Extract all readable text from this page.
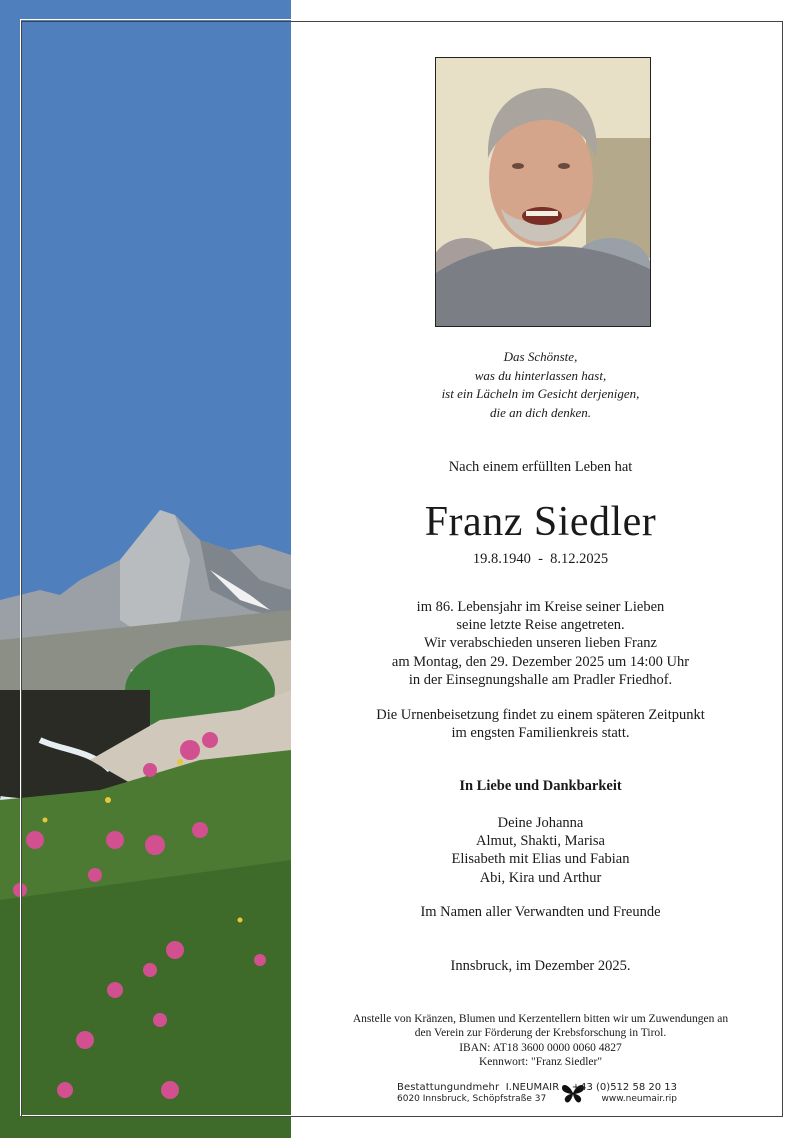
Das Schönste,
was du hinterlassen hast,
ist ein Lächeln im Gesicht derjenigen,
die an dich denken.
Nach einem erfüllten Leben hat
Franz Siedler
19.8.1940  -  8.12.2025
im 86. Lebensjahr im Kreise seiner Lieben
seine letzte Reise angetreten.
Wir verabschieden unseren lieben Franz
am Montag, den 29. Dezember 2025 um 14:00 Uhr
in der Einsegnungshalle am Pradler Friedhof.
Die Urnenbeisetzung findet zu einem späteren Zeitpunkt
im engsten Familienkreis statt.
In Liebe und Dankbarkeit
Deine Johanna
Almut, Shakti, Marisa
Elisabeth mit Elias und Fabian
Abi, Kira und Arthur
Im Namen aller Verwandten und Freunde
Innsbruck, im Dezember 2025.
Anstelle von Kränzen, Blumen und Kerzentellern bitten wir um Zuwendungen an
den Verein zur Förderung der Krebsforschung in Tirol.
IBAN: AT18 3600 0000 0060 4827
Kennwort: "Franz Siedler"
Bestattungundmehr  I.NEUMAIR
6020 Innsbruck, Schöpfstraße 37
+43 (0)512 58 20 13
www.neumair.rip
